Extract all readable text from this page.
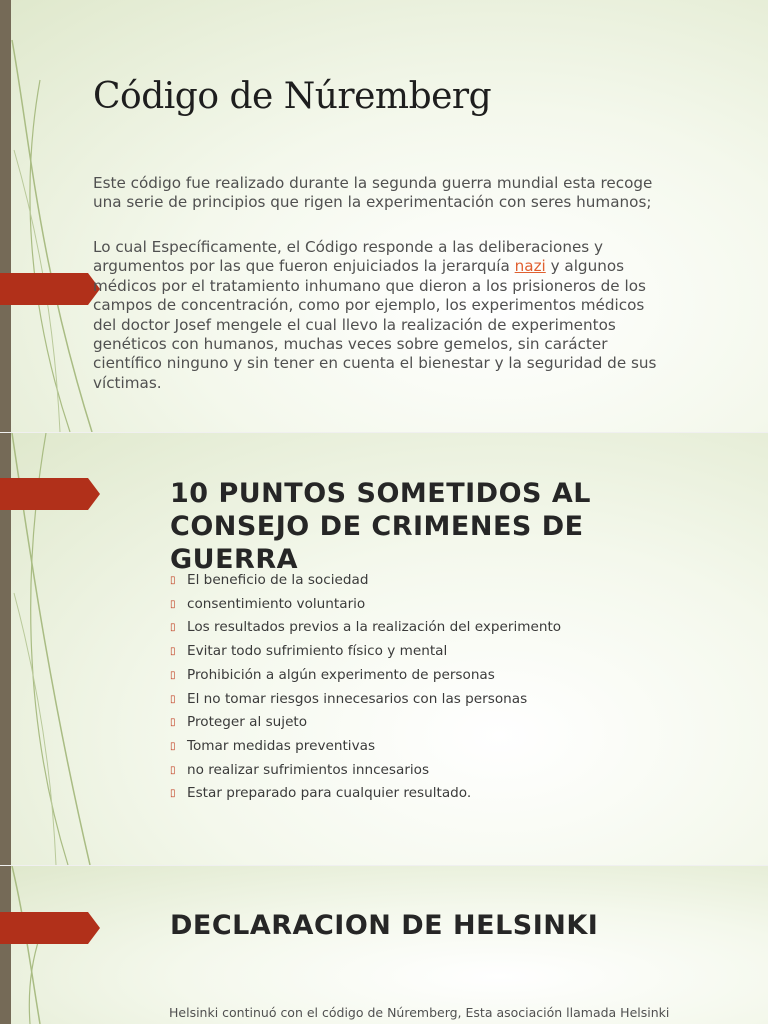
Código de Núremberg

Este código fue realizado durante la segunda guerra mundial esta recoge una serie de principios que rigen la experimentación con seres humanos;

Lo cual Específicamente, el Código responde a las deliberaciones y argumentos por las que fueron enjuiciados la jerarquía nazi y algunos médicos por el tratamiento inhumano que dieron a los prisioneros de los campos de concentración, como por ejemplo, los experimentos médicos del doctor Josef mengele el cual llevo la realización de experimentos genéticos con humanos, muchas veces sobre gemelos, sin carácter científico ninguno y sin tener en cuenta el bienestar y la seguridad de sus víctimas.

10 PUNTOS SOMETIDOS AL CONSEJO DE CRIMENES DE GUERRA
▯ El beneficio de la sociedad
▯ consentimiento voluntario
▯ Los resultados previos a la realización del experimento
▯ Evitar todo sufrimiento físico y mental
▯ Prohibición a algún experimento de personas
▯ El no tomar riesgos innecesarios con las personas
▯ Proteger al sujeto
▯ Tomar medidas preventivas
▯ no realizar sufrimientos inncesarios
▯ Estar preparado para cualquier resultado.
DECLARACION DE HELSINKI

Helsinki continuó con el código de Núremberg, Esta asociación llamada Helsinki
